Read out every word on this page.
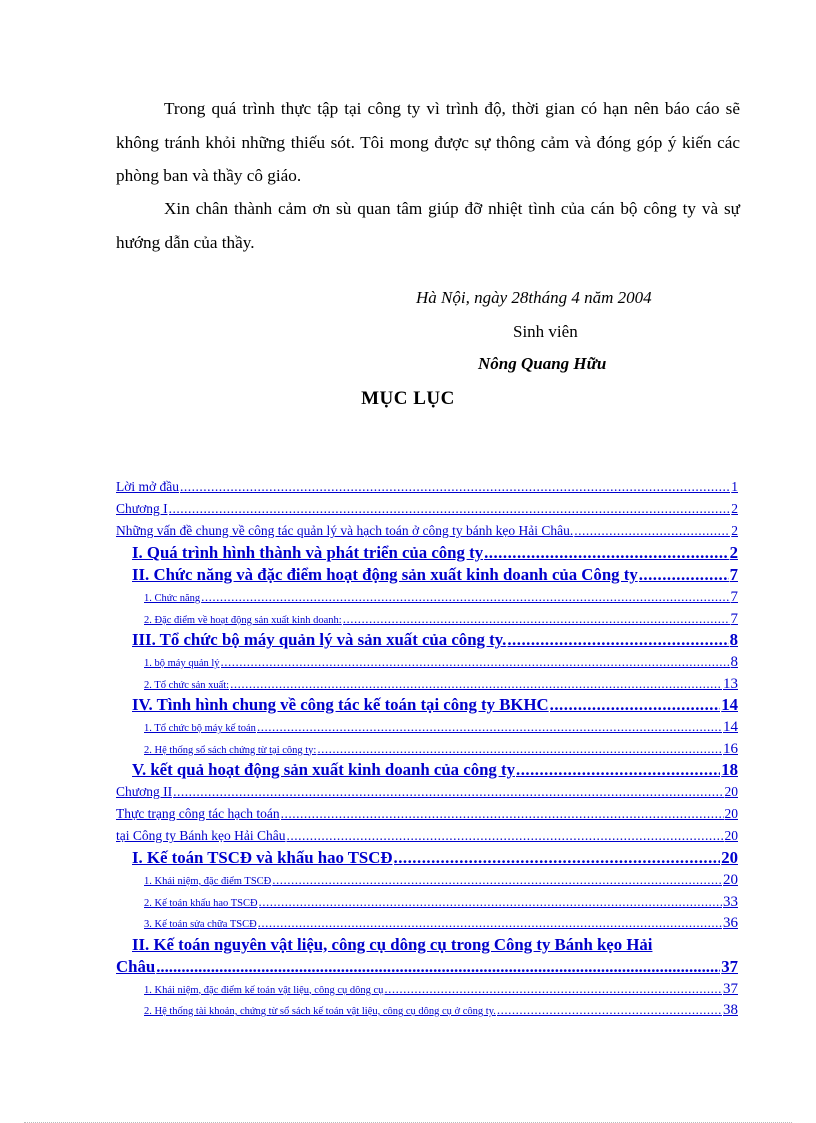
Trong quá trình thực tập tại công ty vì trình độ, thời gian có hạn nên báo cáo sẽ không tránh khỏi những thiếu sót. Tôi mong được sự thông cảm và đóng góp ý kiến các phòng ban và thầy cô giáo.

Xin chân thành cảm ơn sù quan tâm giúp đỡ nhiệt tình của cán bộ công ty và sự hướng dẫn của thầy.

Hà Nội, ngày 28tháng 4 năm 2004
Sinh viên
Nông Quang Hữu
MỤC LỤC
Lời mở đầu .....	1
Chương I .....	2
Những vấn đề chung về công tác quản lý và hạch toán ở công ty bánh kẹo Hải Châu. .....	2
I. Quá trình hình thành và phát triển của công ty .....	2
II. Chức năng và đặc điểm hoạt động sản xuất kinh doanh của Công ty .....	7
1. Chức năng .....	7
2. Đặc điểm về hoạt động sản xuất kinh doanh: .....	7
III. Tổ chức bộ máy quản lý và sản xuất của công ty. .....	8
1. bộ máy quản lý .....	8
2. Tổ chức sản xuất: .....	13
IV. Tình hình chung về công tác kế toán tại công ty BKHC .....	14
1. Tổ chức bộ máy kế toán .....	14
2. Hệ thống sổ sách chứng từ tại công ty: .....	16
V. kết quả hoạt động sản xuất kinh doanh của công ty .....	18
Chương II .....	20
Thực trạng công tác hạch toán .....	20
tại Công ty Bánh kẹo Hải Châu .....	20
I. Kế toán TSCĐ và khấu hao TSCĐ .....	20
1. Khái niệm, đặc điểm TSCĐ .....	20
2. Kế toán khấu hao TSCĐ .....	33
3. Kế toán sửa chữa TSCĐ .....	36
II. Kế toán nguyên vật liệu, công cụ dông cụ trong Công ty Bánh kẹo Hải
Châu .....	37
1. Khái niệm, đặc điểm kế toán vật liệu, công cụ dông cụ .....	37
2. Hệ thống tài khoản, chứng từ sổ sách kế toán vật liệu, công cụ dông cụ ở công ty. .....	38
